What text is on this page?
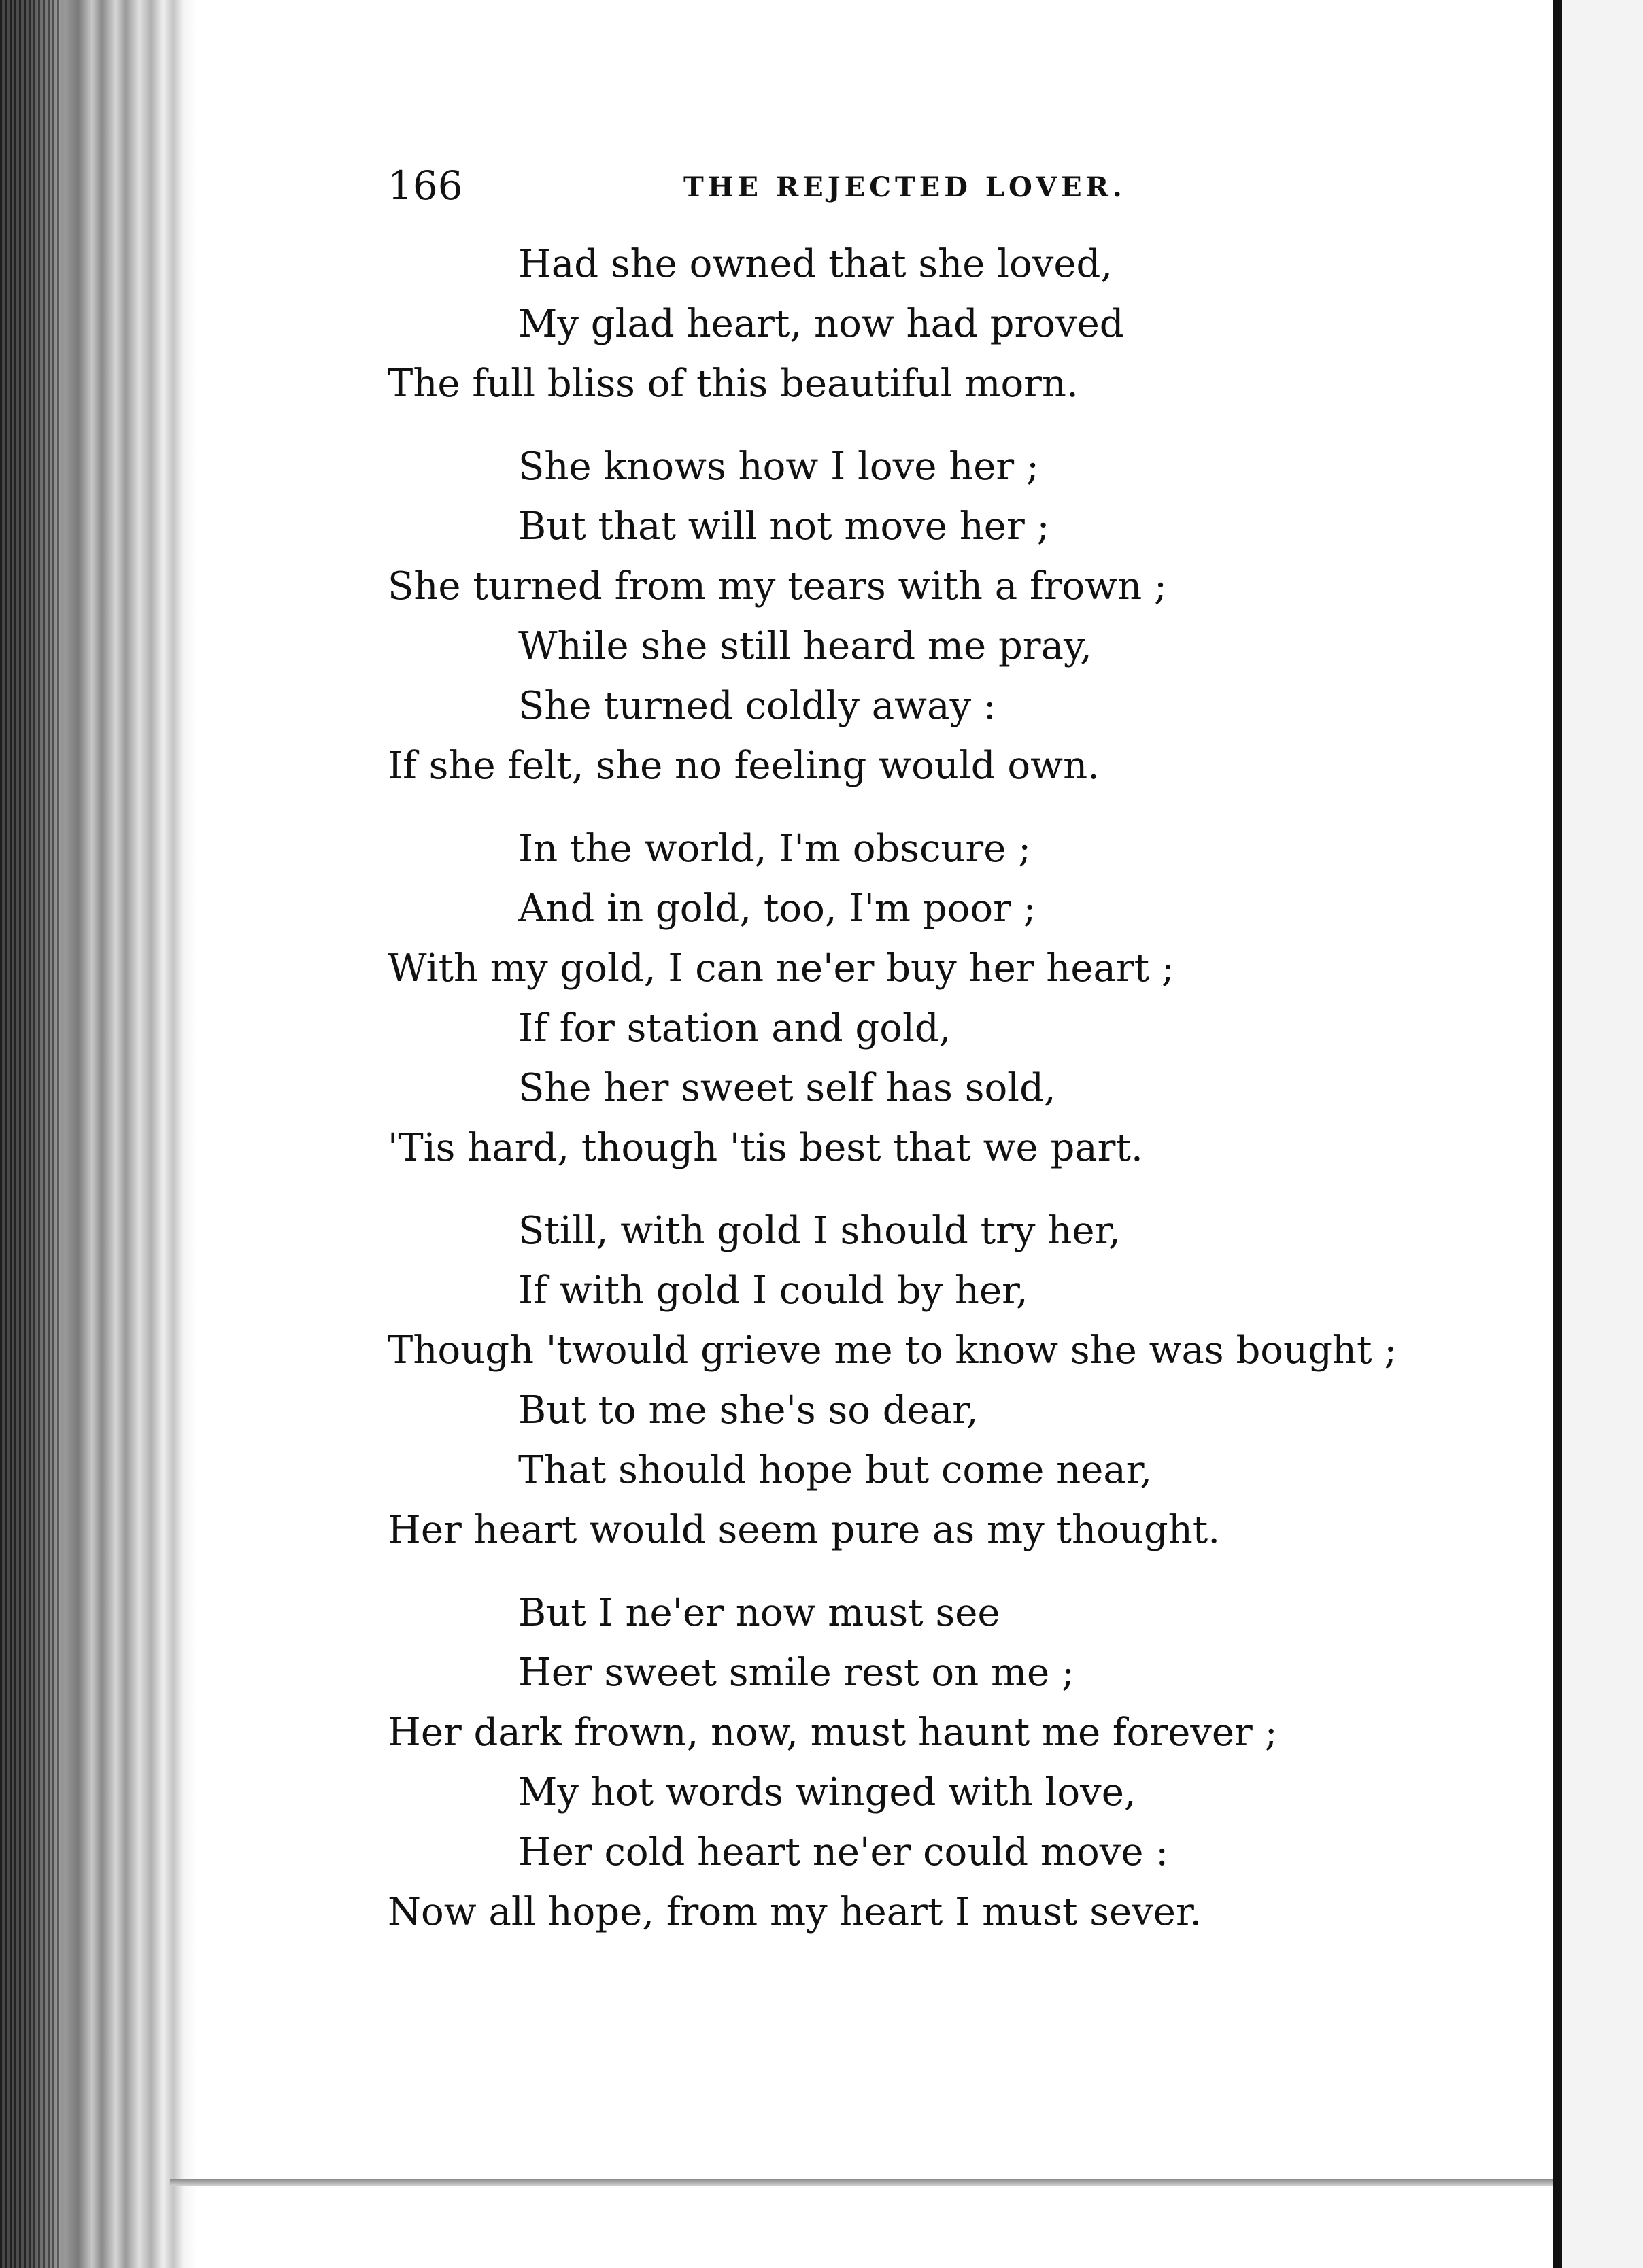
166	THE REJECTED LOVER.
Had she owned that she loved,
My glad heart, now had proved
The full bliss of this beautiful morn.
She knows how I love her ;
But that will not move her ;
She turned from my tears with a frown ;
While she still heard me pray,
She turned coldly away :
If she felt, she no feeling would own.
In the world, I'm obscure ;
And in gold, too, I'm poor ;
With my gold, I can ne'er buy her heart ;
If for station and gold,
She her sweet self has sold,
'Tis hard, though 'tis best that we part.
Still, with gold I should try her,
If with gold I could by her,
Though 'twould grieve me to know she was bought ;
But to me she's so dear,
That should hope but come near,
Her heart would seem pure as my thought.
But I ne'er now must see
Her sweet smile rest on me ;
Her dark frown, now, must haunt me forever ;
My hot words winged with love,
Her cold heart ne'er could move :
Now all hope, from my heart I must sever.
